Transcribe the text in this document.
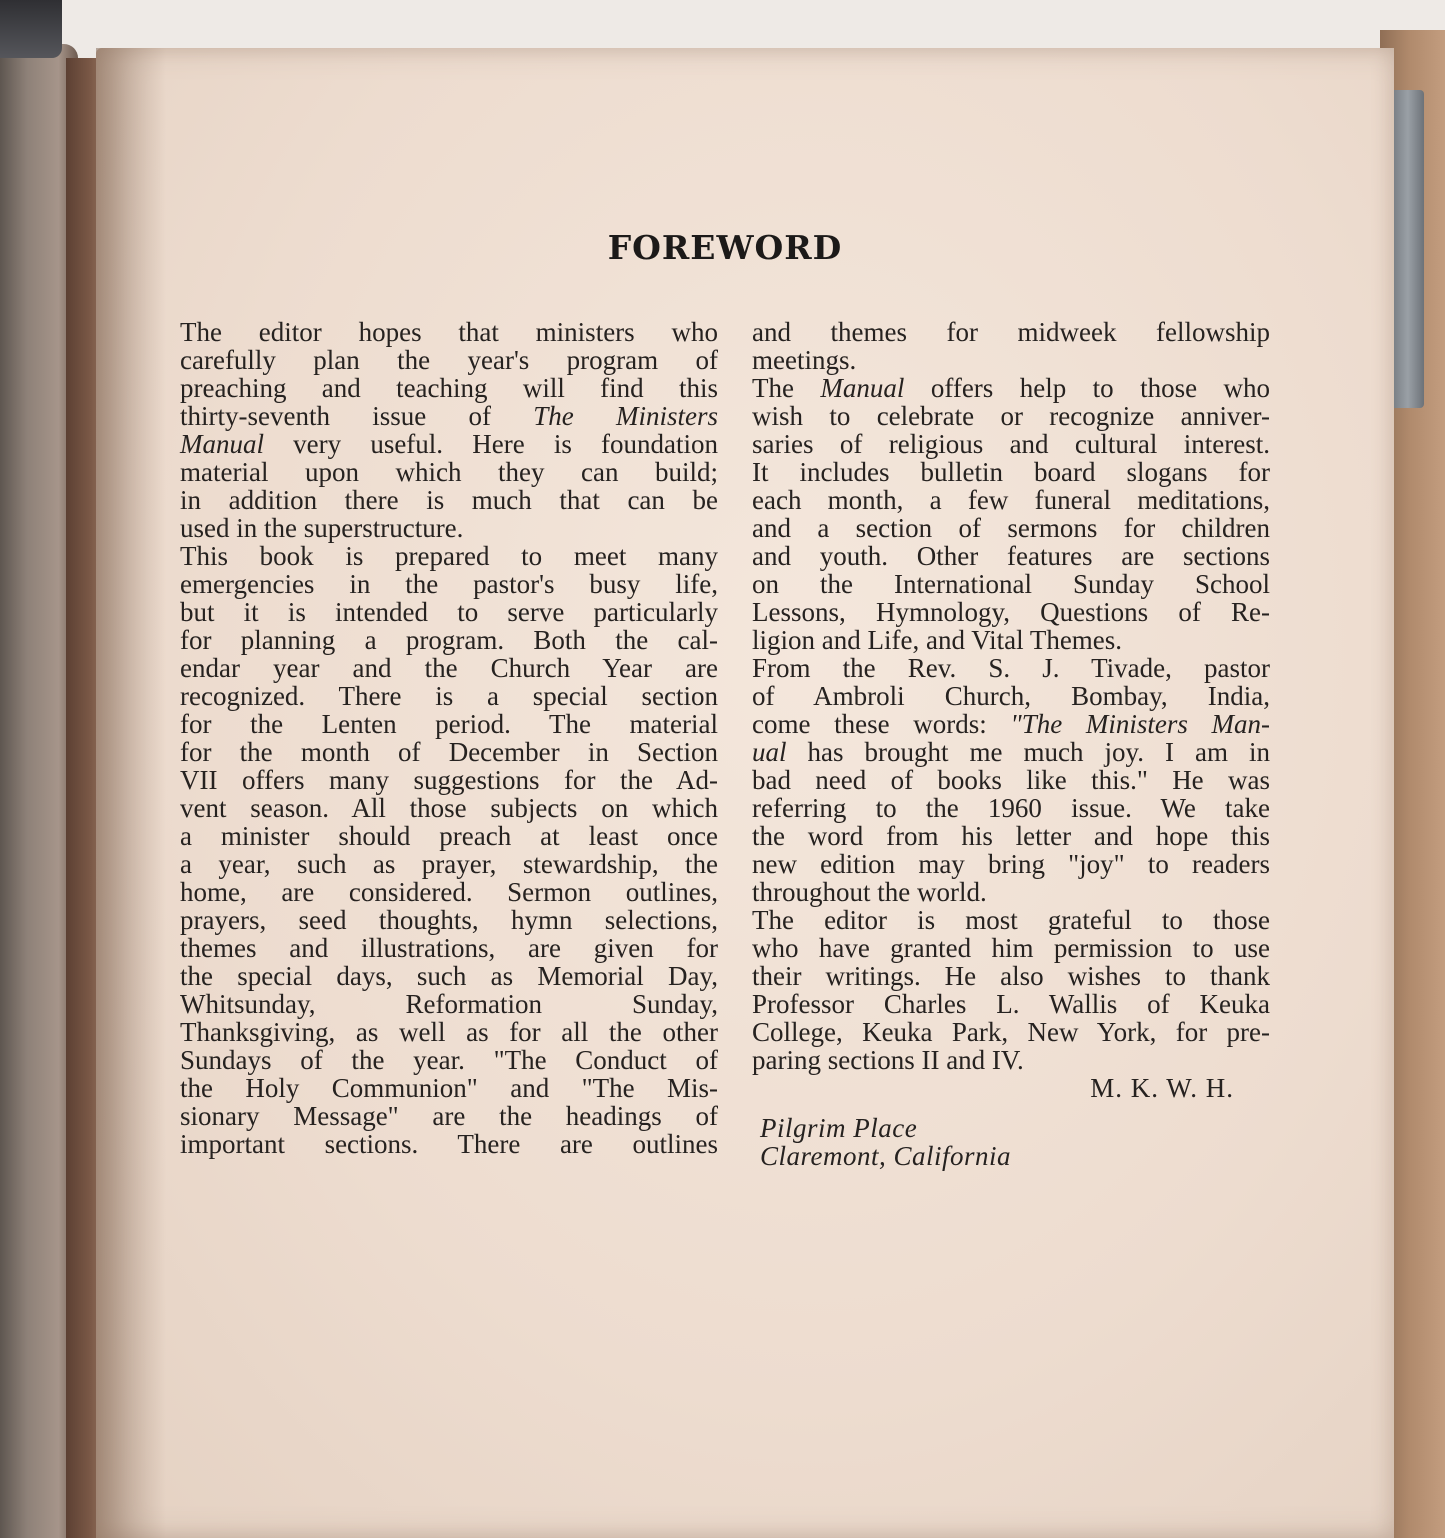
FOREWORD
The editor hopes that ministers who
carefully plan the year's program of
preaching and teaching will find this
thirty-seventh issue of The Ministers
Manual very useful. Here is foundation
material upon which they can build;
in addition there is much that can be
used in the superstructure.
This book is prepared to meet many
emergencies in the pastor's busy life,
but it is intended to serve particularly
for planning a program. Both the cal-
endar year and the Church Year are
recognized. There is a special section
for the Lenten period. The material
for the month of December in Section
VII offers many suggestions for the Ad-
vent season. All those subjects on which
a minister should preach at least once
a year, such as prayer, stewardship, the
home, are considered. Sermon outlines,
prayers, seed thoughts, hymn selections,
themes and illustrations, are given for
the special days, such as Memorial Day,
Whitsunday, Reformation Sunday,
Thanksgiving, as well as for all the other
Sundays of the year. "The Conduct of
the Holy Communion" and "The Mis-
sionary Message" are the headings of
important sections. There are outlines
and themes for midweek fellowship
meetings.
The Manual offers help to those who
wish to celebrate or recognize anniver-
saries of religious and cultural interest.
It includes bulletin board slogans for
each month, a few funeral meditations,
and a section of sermons for children
and youth. Other features are sections
on the International Sunday School
Lessons, Hymnology, Questions of Re-
ligion and Life, and Vital Themes.
From the Rev. S. J. Tivade, pastor
of Ambroli Church, Bombay, India,
come these words: "The Ministers Man-
ual has brought me much joy. I am in
bad need of books like this." He was
referring to the 1960 issue. We take
the word from his letter and hope this
new edition may bring "joy" to readers
throughout the world.
The editor is most grateful to those
who have granted him permission to use
their writings. He also wishes to thank
Professor Charles L. Wallis of Keuka
College, Keuka Park, New York, for pre-
paring sections II and IV.
M. K. W. H.
Pilgrim Place
Claremont, California
